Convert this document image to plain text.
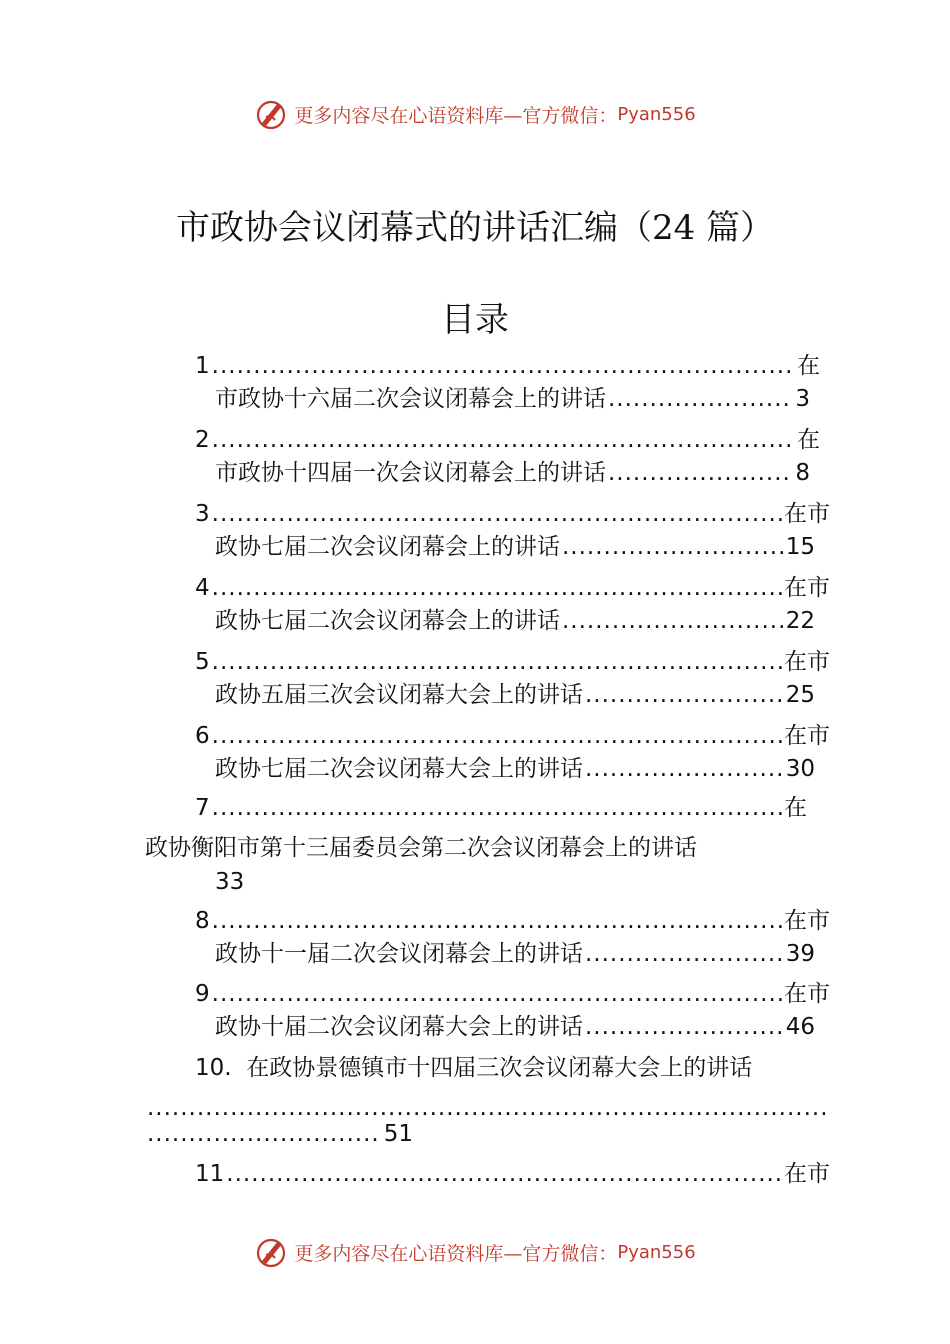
更多内容尽在心语资料库—官方微信： Pyan556
市政协会议闭幕式的讲话汇编（24 篇）
目录
1 .....	在
市政协十六届二次会议闭幕会上的讲话 .....	3
2 .....	在
市政协十四届一次会议闭幕会上的讲话 .....	8
3 .....	在市
政协七届二次会议闭幕会上的讲话 .....	15
4 .....	在市
政协七届二次会议闭幕会上的讲话 .....	22
5 .....	在市
政协五届三次会议闭幕大会上的讲话 .....	25
6 .....	在市
政协七届二次会议闭幕大会上的讲话 .....	30
7 .....	在
政协衡阳市第十三届委员会第二次会议闭幕会上的讲话
33
8 .....	在市
政协十一届二次会议闭幕会上的讲话 .....	39
9 .....	在市
政协十届二次会议闭幕大会上的讲话 .....	46
10. 在政协景德镇市十四届三次会议闭幕大会上的讲话
.....
.....
51
11 .....	在市
更多内容尽在心语资料库—官方微信： Pyan556
